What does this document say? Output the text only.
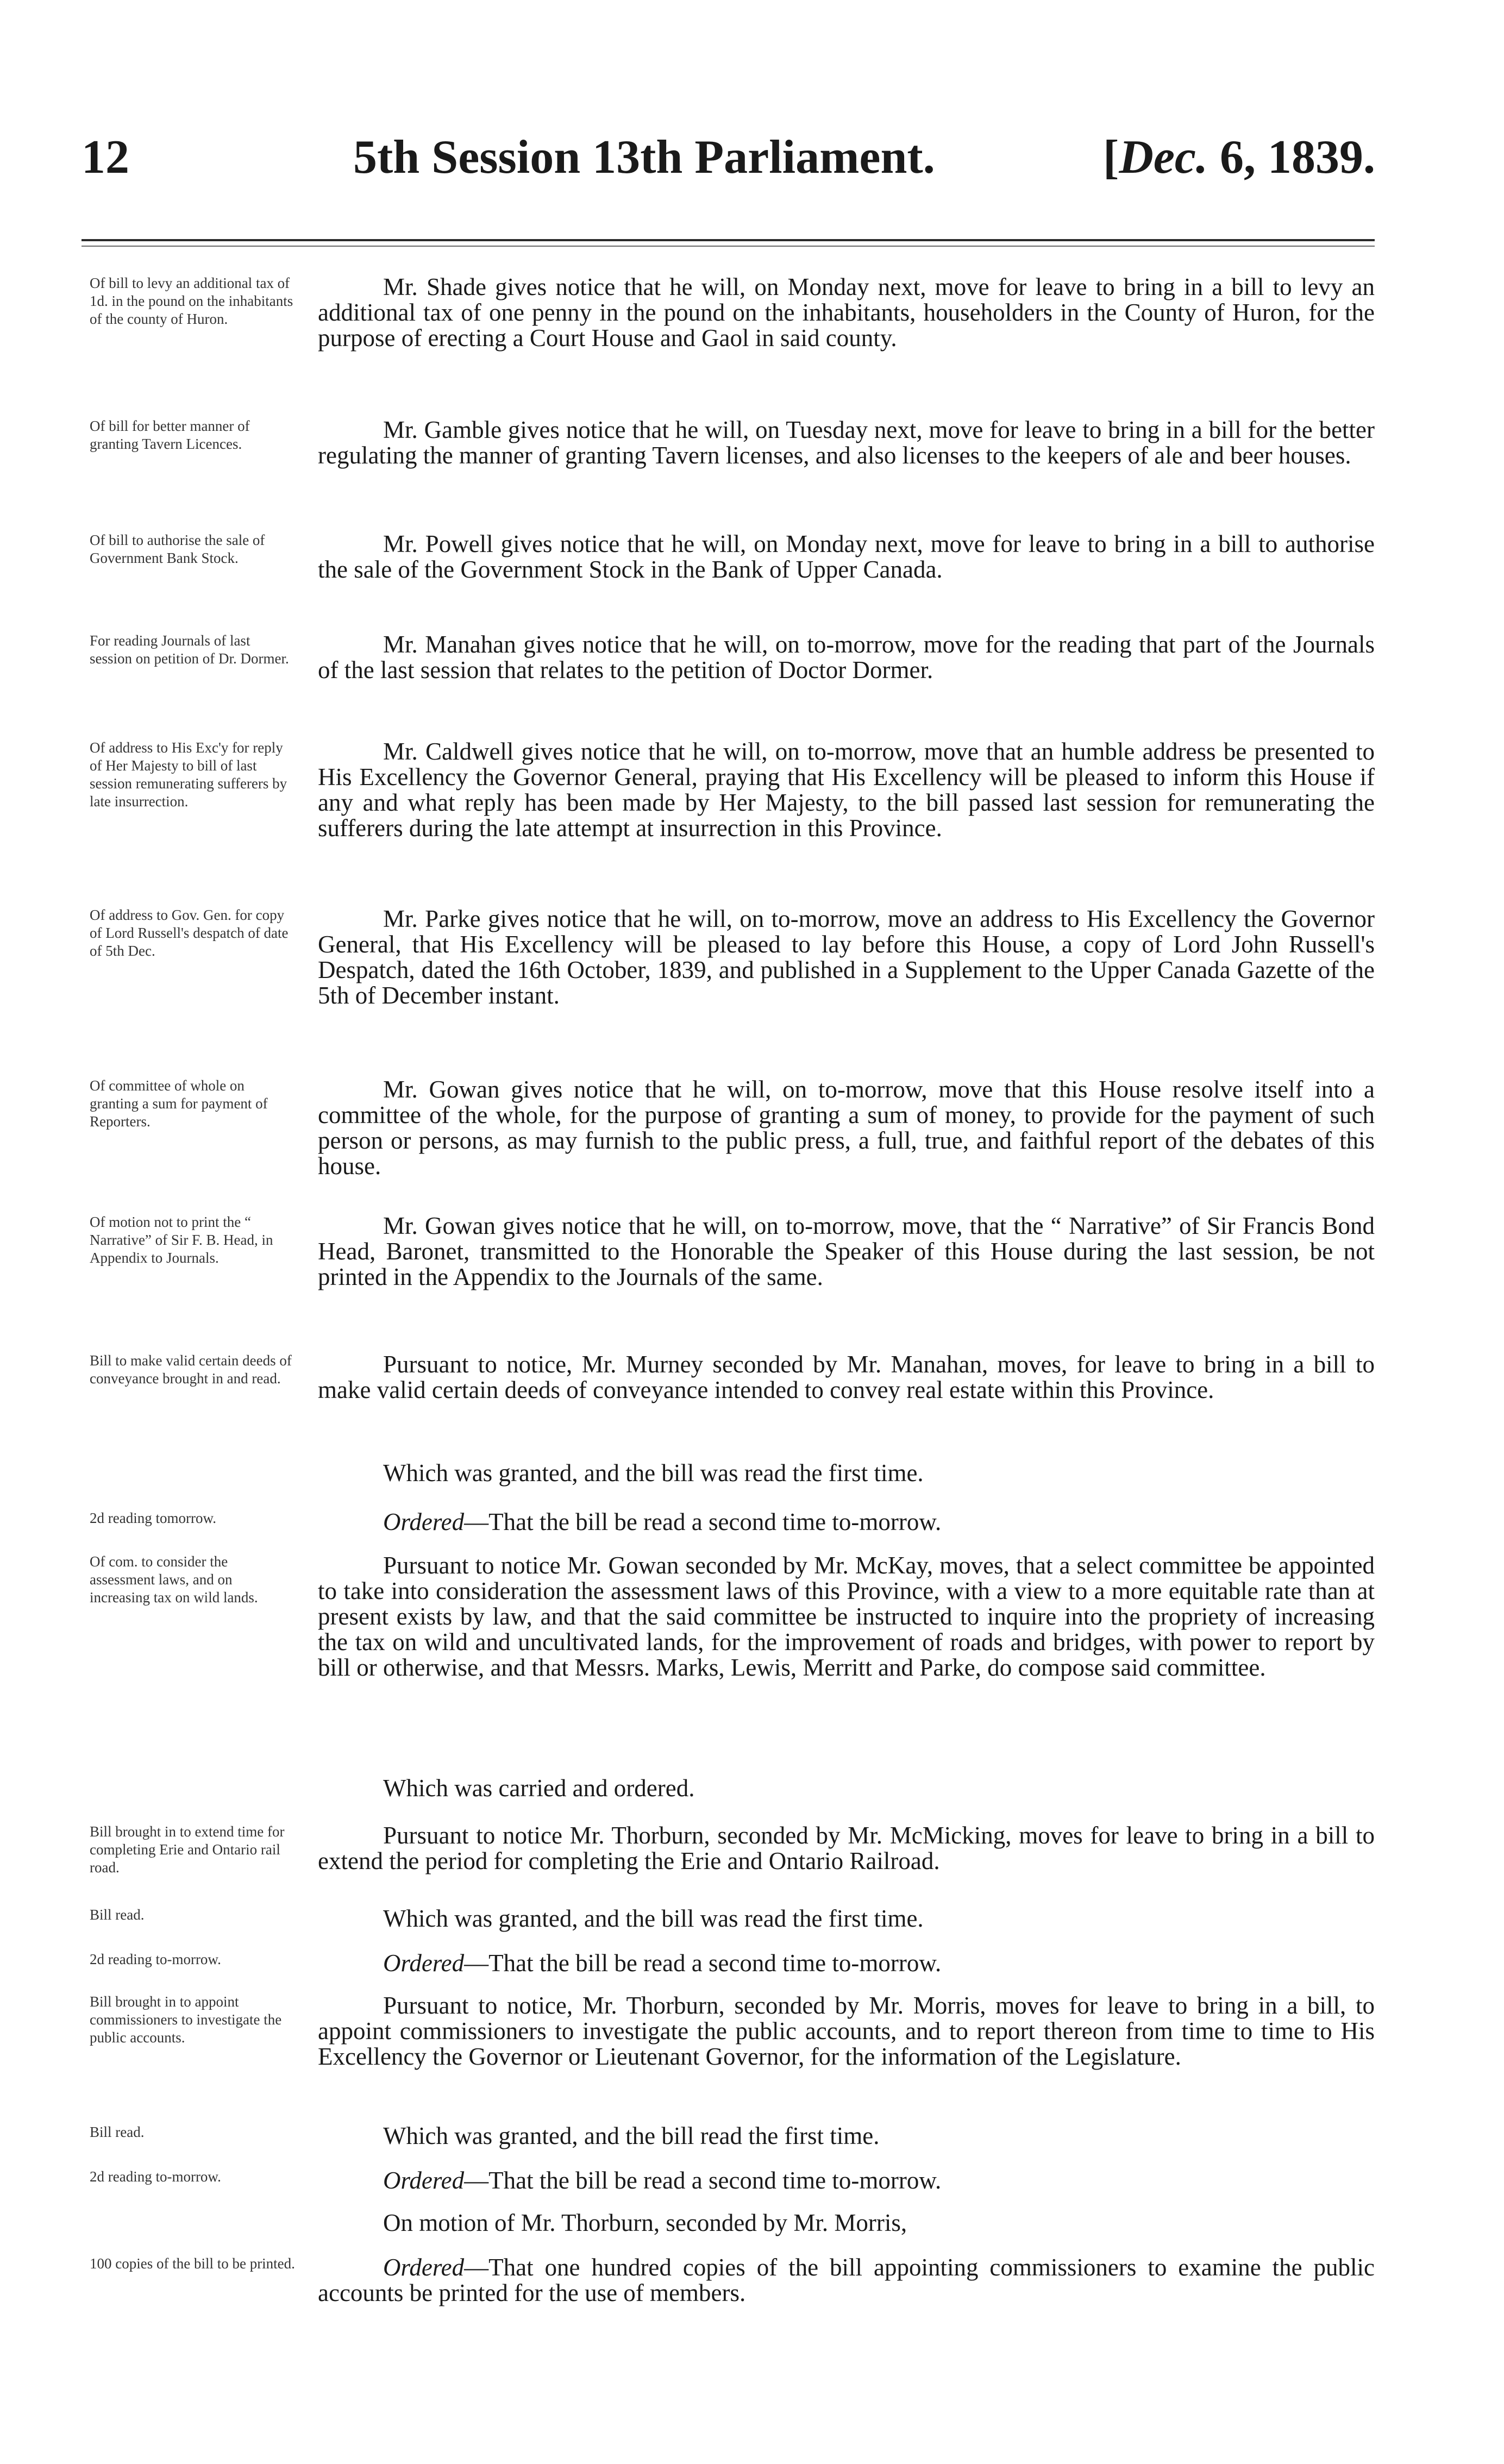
12	5th Session 13th Parliament.	[Dec. 6, 1839.
Of bill to levy an additional tax of 1d. in the pound on the inhabitants of the county of Huron.
Mr. Shade gives notice that he will, on Monday next, move for leave to bring in a bill to levy an additional tax of one penny in the pound on the inhabitants, householders in the County of Huron, for the purpose of erecting a Court House and Gaol in said county.
Of bill for better manner of granting Tavern Licences.
Mr. Gamble gives notice that he will, on Tuesday next, move for leave to bring in a bill for the better regulating the manner of granting Tavern licenses, and also licenses to the keepers of ale and beer houses.
Of bill to authorise the sale of Government Bank Stock.
Mr. Powell gives notice that he will, on Monday next, move for leave to bring in a bill to authorise the sale of the Government Stock in the Bank of Upper Canada.
For reading Journals of last session on petition of Dr. Dormer.
Mr. Manahan gives notice that he will, on to-morrow, move for the reading that part of the Journals of the last session that relates to the petition of Doctor Dormer.
Of address to His Exc'y for reply of Her Majesty to bill of last session remunerating sufferers by late insurrection.
Mr. Caldwell gives notice that he will, on to-morrow, move that an humble address be presented to His Excellency the Governor General, praying that His Excellency will be pleased to inform this House if any and what reply has been made by Her Majesty, to the bill passed last session for remunerating the sufferers during the late attempt at insurrection in this Province.
Of address to Gov. Gen. for copy of Lord Russell's despatch of date of 5th Dec.
Mr. Parke gives notice that he will, on to-morrow, move an address to His Excellency the Governor General, that His Excellency will be pleased to lay before this House, a copy of Lord John Russell's Despatch, dated the 16th October, 1839, and published in a Supplement to the Upper Canada Gazette of the 5th of December instant.
Of committee of whole on granting a sum for payment of Reporters.
Mr. Gowan gives notice that he will, on to-morrow, move that this House resolve itself into a committee of the whole, for the purpose of granting a sum of money, to provide for the payment of such person or persons, as may furnish to the public press, a full, true, and faithful report of the debates of this house.
Of motion not to print the “ Narrative” of Sir F. B. Head, in Appendix to Journals.
Mr. Gowan gives notice that he will, on to-morrow, move, that the “ Narrative” of Sir Francis Bond Head, Baronet, transmitted to the Honorable the Speaker of this House during the last session, be not printed in the Appendix to the Journals of the same.
Bill to make valid certain deeds of conveyance brought in and read.
Pursuant to notice, Mr. Murney seconded by Mr. Manahan, moves, for leave to bring in a bill to make valid certain deeds of conveyance intended to convey real estate within this Province.
Which was granted, and the bill was read the first time.
2d reading tomorrow.	Ordered—That the bill be read a second time to-morrow.
Of com. to consider the assessment laws, and on increasing tax on wild lands.
Pursuant to notice Mr. Gowan seconded by Mr. McKay, moves, that a select committee be appointed to take into consideration the assessment laws of this Province, with a view to a more equitable rate than at present exists by law, and that the said committee be instructed to inquire into the propriety of increasing the tax on wild and uncultivated lands, for the improvement of roads and bridges, with power to report by bill or otherwise, and that Messrs. Marks, Lewis, Merritt and Parke, do compose said committee.
Which was carried and ordered.
Bill brought in to extend time for completing Erie and Ontario rail road.
Pursuant to notice Mr. Thorburn, seconded by Mr. McMicking, moves for leave to bring in a bill to extend the period for completing the Erie and Ontario Railroad.
Bill read.	Which was granted, and the bill was read the first time.
2d reading to-morrow.	Ordered—That the bill be read a second time to-morrow.
Bill brought in to appoint commissioners to investigate the public accounts.
Pursuant to notice, Mr. Thorburn, seconded by Mr. Morris, moves for leave to bring in a bill, to appoint commissioners to investigate the public accounts, and to report thereon from time to time to His Excellency the Governor or Lieutenant Governor, for the information of the Legislature.
Bill read.	Which was granted, and the bill read the first time.
2d reading to-morrow.	Ordered—That the bill be read a second time to-morrow.
On motion of Mr. Thorburn, seconded by Mr. Morris,
100 copies of the bill to be printed.	Ordered—That one hundred copies of the bill appointing commissioners to examine the public accounts be printed for the use of members.
